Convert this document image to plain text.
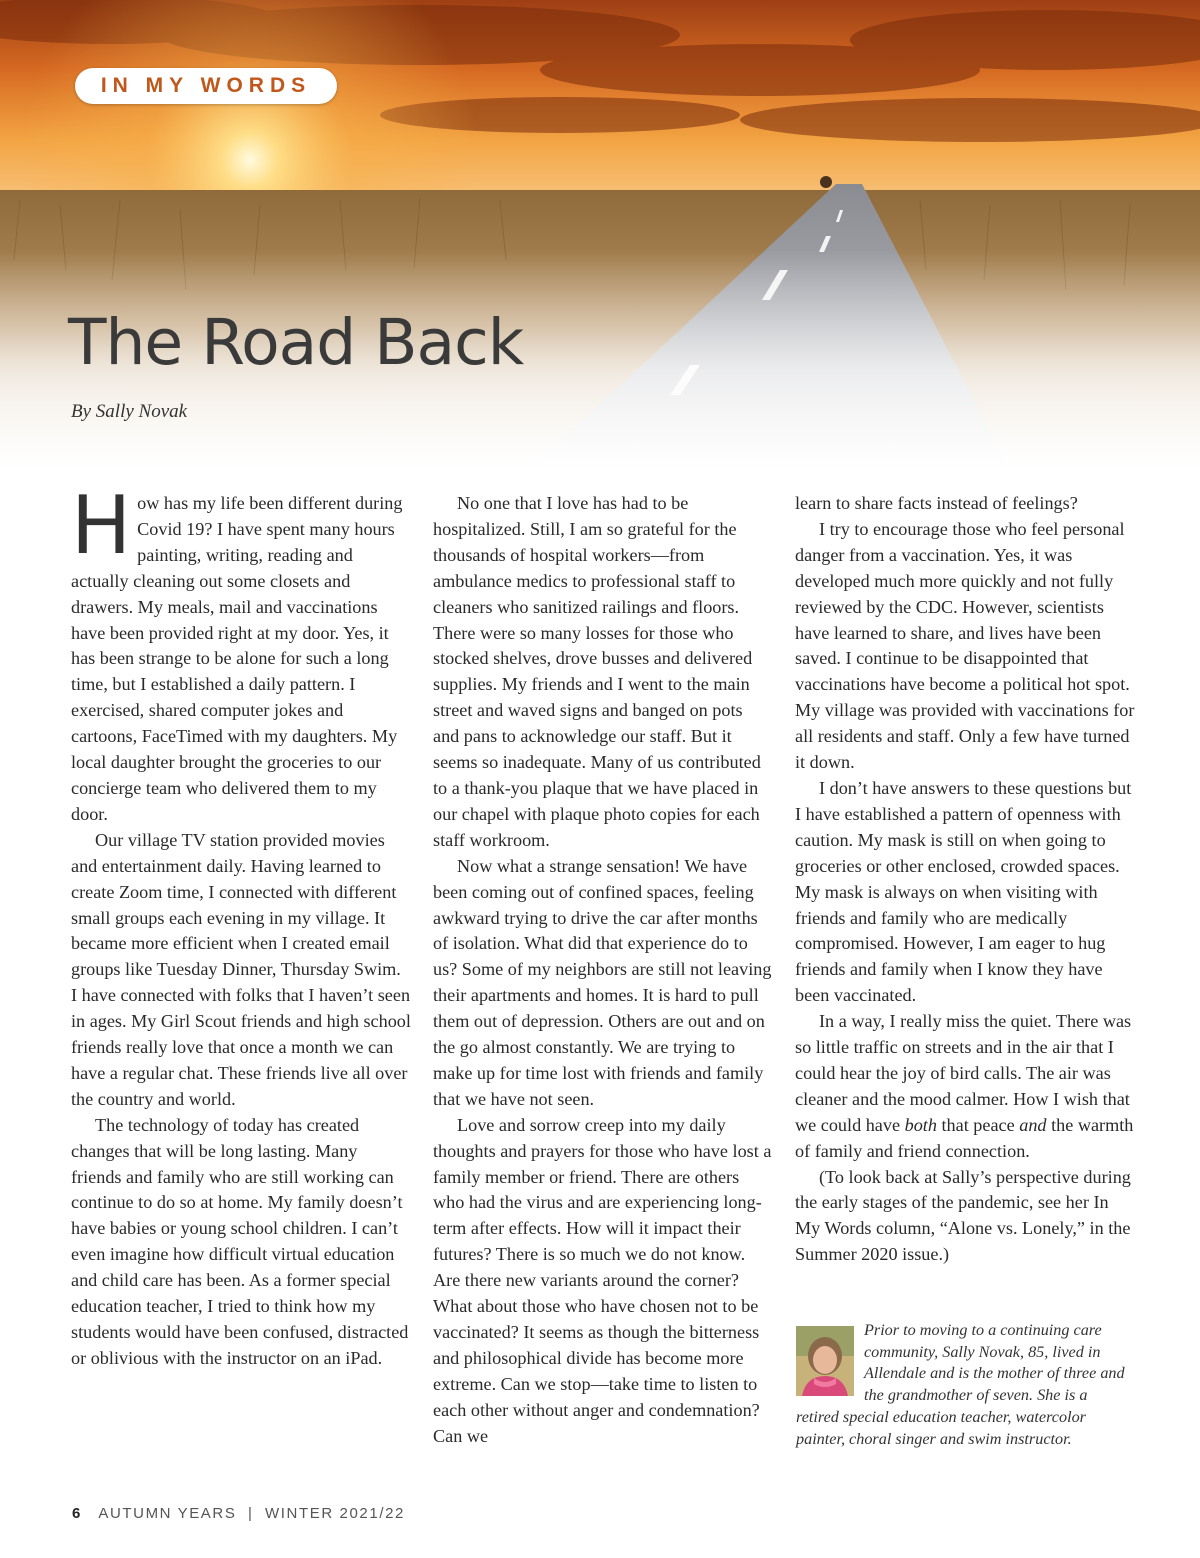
IN MY WORDS
The Road Back
By Sally Novak

How has my life been different during Covid 19? I have spent many hours painting, writing, reading and actually cleaning out some closets and drawers. My meals, mail and vaccinations have been provided right at my door. Yes, it has been strange to be alone for such a long time, but I established a daily pattern. I exercised, shared computer jokes and cartoons, FaceTimed with my daughters. My local daughter brought the groceries to our concierge team who delivered them to my door.

Our village TV station provided movies and entertainment daily. Having learned to create Zoom time, I connected with different small groups each evening in my village. It became more efficient when I created email groups like Tuesday Dinner, Thursday Swim. I have connected with folks that I haven’t seen in ages. My Girl Scout friends and high school friends really love that once a month we can have a regular chat. These friends live all over the country and world.

The technology of today has created changes that will be long lasting. Many friends and family who are still working can continue to do so at home. My family doesn’t have babies or young school children. I can’t even imagine how difficult virtual education and child care has been. As a former special education teacher, I tried to think how my students would have been confused, distracted or oblivious with the instructor on an iPad.

No one that I love has had to be hospitalized. Still, I am so grateful for the thousands of hospital workers—from ambulance medics to professional staff to cleaners who sanitized railings and floors. There were so many losses for those who stocked shelves, drove busses and delivered supplies. My friends and I went to the main street and waved signs and banged on pots and pans to acknowledge our staff. But it seems so inadequate. Many of us contributed to a thank-you plaque that we have placed in our chapel with plaque photo copies for each staff workroom.

Now what a strange sensation! We have been coming out of confined spaces, feeling awkward trying to drive the car after months of isolation. What did that experience do to us? Some of my neighbors are still not leaving their apartments and homes. It is hard to pull them out of depression. Others are out and on the go almost constantly. We are trying to make up for time lost with friends and family that we have not seen.

Love and sorrow creep into my daily thoughts and prayers for those who have lost a family member or friend. There are others who had the virus and are experiencing long-term after effects. How will it impact their futures? There is so much we do not know. Are there new variants around the corner? What about those who have chosen not to be vaccinated? It seems as though the bitterness and philosophical divide has become more extreme. Can we stop—take time to listen to each other without anger and condemnation? Can we

learn to share facts instead of feelings?

I try to encourage those who feel personal danger from a vaccination. Yes, it was developed much more quickly and not fully reviewed by the CDC. However, scientists have learned to share, and lives have been saved. I continue to be disappointed that vaccinations have become a political hot spot. My village was provided with vaccinations for all residents and staff. Only a few have turned it down.

I don’t have answers to these questions but I have established a pattern of openness with caution. My mask is still on when going to groceries or other enclosed, crowded spaces. My mask is always on when visiting with friends and family who are medically compromised. However, I am eager to hug friends and family when I know they have been vaccinated.

In a way, I really miss the quiet. There was so little traffic on streets and in the air that I could hear the joy of bird calls. The air was cleaner and the mood calmer. How I wish that we could have both that peace and the warmth of family and friend connection.

(To look back at Sally’s perspective during the early stages of the pandemic, see her In My Words column, “Alone vs. Lonely,” in the Summer 2020 issue.)

Prior to moving to a continuing care community, Sally Novak, 85, lived in Allendale and is the mother of three and the grandmother of seven. She is a retired special education teacher, watercolor painter, choral singer and swim instructor.
6 AUTUMN YEARS  |  WINTER 2021/22
